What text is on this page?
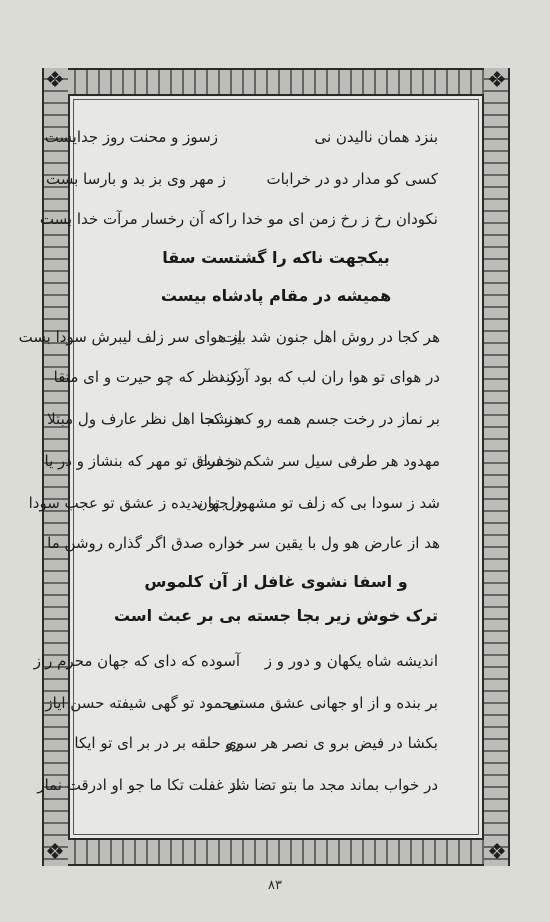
❖	❖
❖	❖
بنزد همان نالیدن نی
زسوز و محنت روز جدایست
کسی کو مدار دو در خرابات
ز مهر وی بز بد و بارسا بست
نکودان رخ ز رخ زمن ای مو خدا را
که آن رخسار مرآت خدا بست
بیکجهت ناکه را گشتست سقا
همیشه در مقام پادشاه بیست
هر کجا در روش اهل جنون شد بیت
از هوای سر زلف لیبرش سودا بست
در هوای تو هوا ران لب که بود آرکند
در نظر که چو حیرت و ای متقا
بر نماز در رخت جسم همه رو که نشت
هر کجا اهل نظر عارف ول مبتلا
مهدود هر طرفی سیل سر شکم نخست
در فراق تو مهر که بنشاز و در یا
شد ز سودا بی که زلف تو مشهور جهان
دل تو بدیده ز عشق تو عجب سودا
هد از عارض هو ول با یقین سر خدا
در ره صدق اگر گذاره روشن ما
و اسفا نشوی غافل از آن کلموس
ترک خوش زیر بجا جسته بی بر عبث است
اندیشه شاه یکهان و دور و ز
آسوده که دای که جهان محرم راز
بر بنده و از او جهانی عشق مستی
محمود تو گهی شیفته حسن ایاز
بکشا در فیض برو ی نصر هر سوی
رو حلقه بر در بر ای تو ایکا
در خواب بماند مجد ما بتو تضا شد
از غفلت تکا ما جو او ادرقت نماز
۸۳
